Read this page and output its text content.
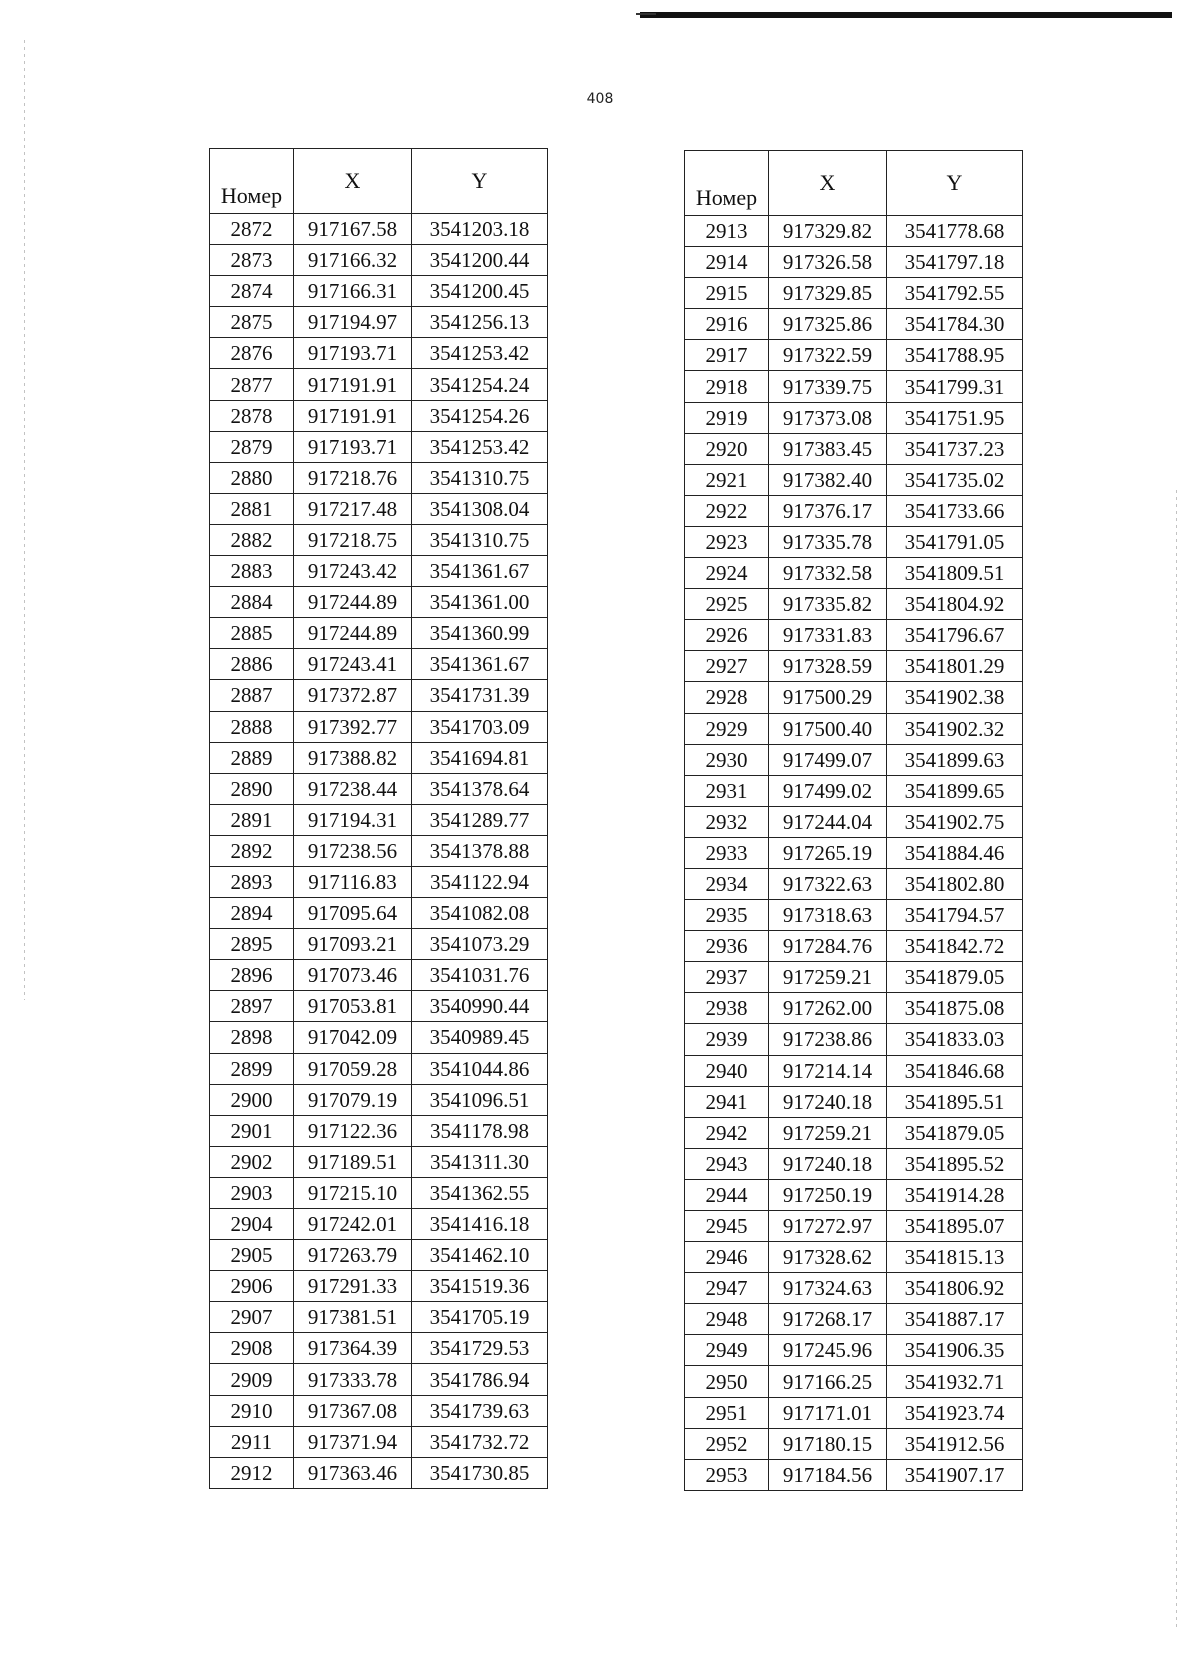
408
Номер	X	Y
2872	917167.58	3541203.18
2873	917166.32	3541200.44
2874	917166.31	3541200.45
2875	917194.97	3541256.13
2876	917193.71	3541253.42
2877	917191.91	3541254.24
2878	917191.91	3541254.26
2879	917193.71	3541253.42
2880	917218.76	3541310.75
2881	917217.48	3541308.04
2882	917218.75	3541310.75
2883	917243.42	3541361.67
2884	917244.89	3541361.00
2885	917244.89	3541360.99
2886	917243.41	3541361.67
2887	917372.87	3541731.39
2888	917392.77	3541703.09
2889	917388.82	3541694.81
2890	917238.44	3541378.64
2891	917194.31	3541289.77
2892	917238.56	3541378.88
2893	917116.83	3541122.94
2894	917095.64	3541082.08
2895	917093.21	3541073.29
2896	917073.46	3541031.76
2897	917053.81	3540990.44
2898	917042.09	3540989.45
2899	917059.28	3541044.86
2900	917079.19	3541096.51
2901	917122.36	3541178.98
2902	917189.51	3541311.30
2903	917215.10	3541362.55
2904	917242.01	3541416.18
2905	917263.79	3541462.10
2906	917291.33	3541519.36
2907	917381.51	3541705.19
2908	917364.39	3541729.53
2909	917333.78	3541786.94
2910	917367.08	3541739.63
2911	917371.94	3541732.72
2912	917363.46	3541730.85
Номер	X	Y
2913	917329.82	3541778.68
2914	917326.58	3541797.18
2915	917329.85	3541792.55
2916	917325.86	3541784.30
2917	917322.59	3541788.95
2918	917339.75	3541799.31
2919	917373.08	3541751.95
2920	917383.45	3541737.23
2921	917382.40	3541735.02
2922	917376.17	3541733.66
2923	917335.78	3541791.05
2924	917332.58	3541809.51
2925	917335.82	3541804.92
2926	917331.83	3541796.67
2927	917328.59	3541801.29
2928	917500.29	3541902.38
2929	917500.40	3541902.32
2930	917499.07	3541899.63
2931	917499.02	3541899.65
2932	917244.04	3541902.75
2933	917265.19	3541884.46
2934	917322.63	3541802.80
2935	917318.63	3541794.57
2936	917284.76	3541842.72
2937	917259.21	3541879.05
2938	917262.00	3541875.08
2939	917238.86	3541833.03
2940	917214.14	3541846.68
2941	917240.18	3541895.51
2942	917259.21	3541879.05
2943	917240.18	3541895.52
2944	917250.19	3541914.28
2945	917272.97	3541895.07
2946	917328.62	3541815.13
2947	917324.63	3541806.92
2948	917268.17	3541887.17
2949	917245.96	3541906.35
2950	917166.25	3541932.71
2951	917171.01	3541923.74
2952	917180.15	3541912.56
2953	917184.56	3541907.17
